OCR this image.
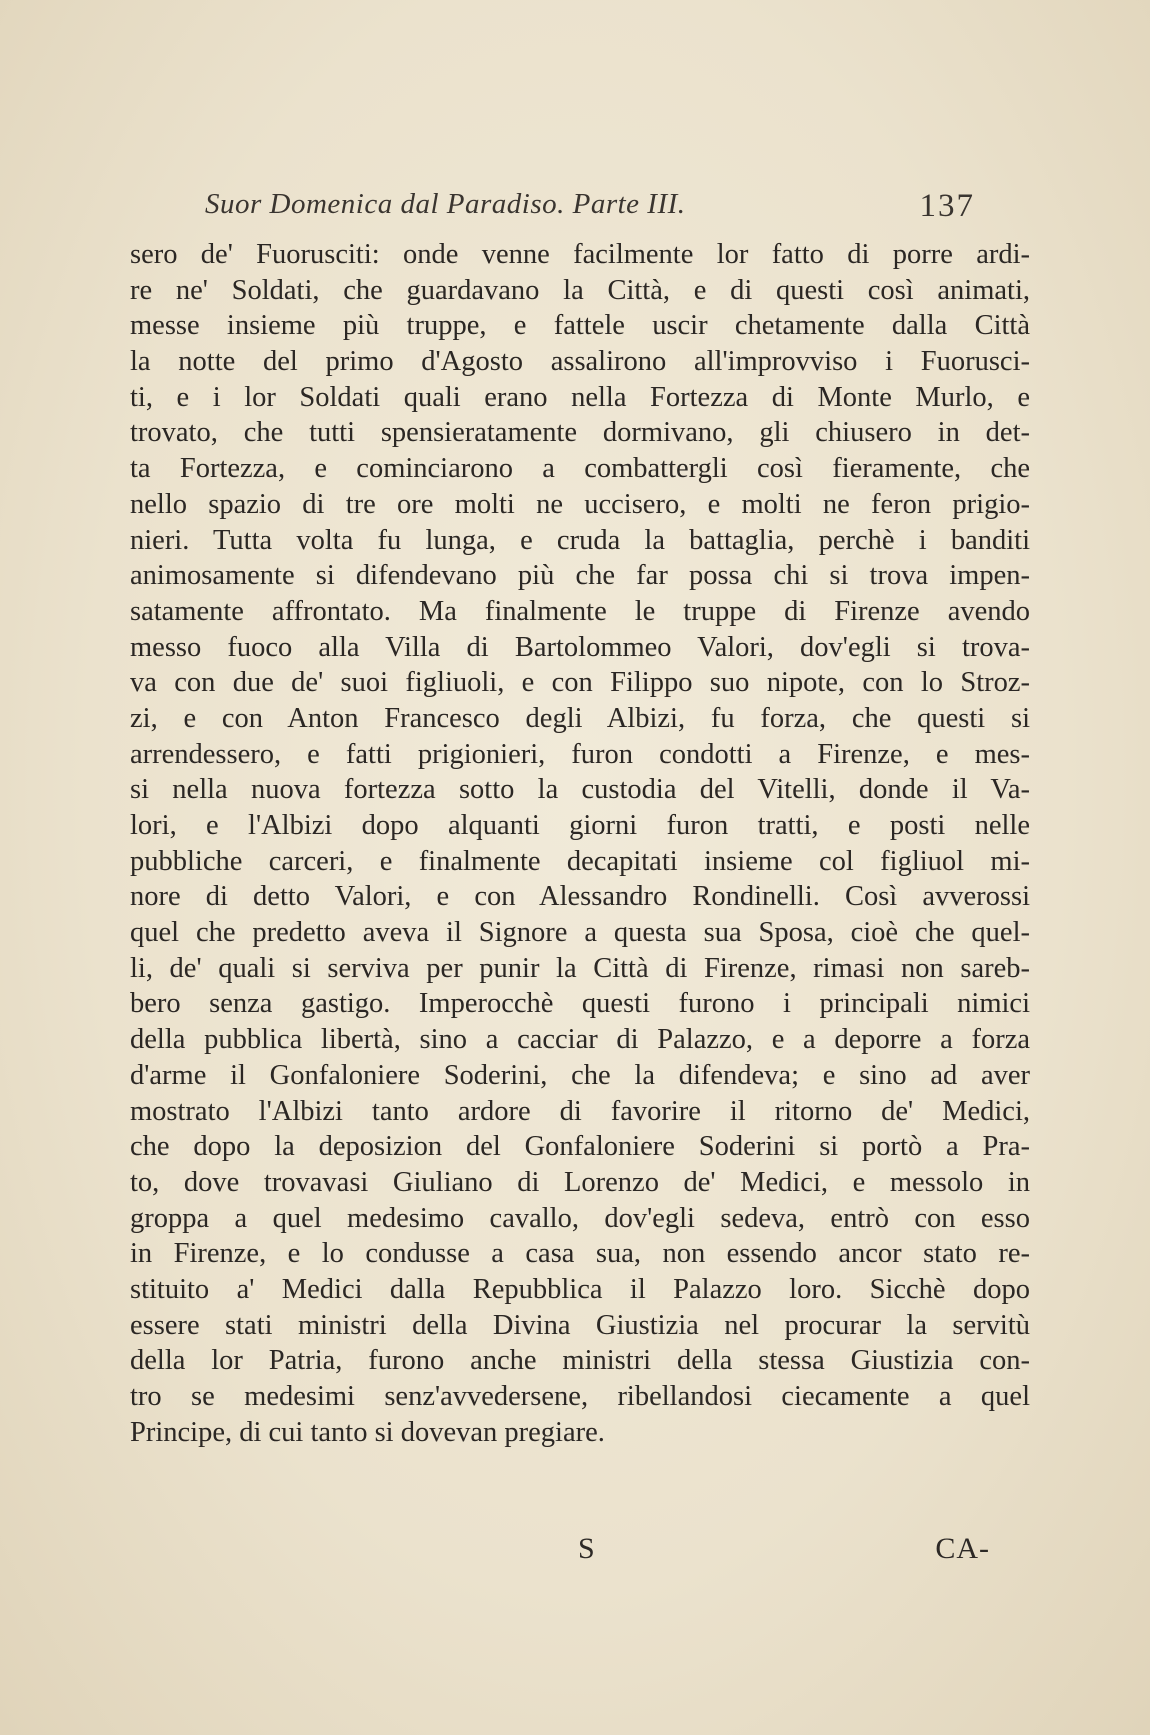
Suor Domenica dal Paradiso. Parte III.	137
sero de' Fuorusciti: onde venne facilmente lor fatto di porre ardi-
re ne' Soldati, che guardavano la Città, e di questi così animati,
messe insieme più truppe, e fattele uscir chetamente dalla Città
la notte del primo d'Agosto assalirono all'improvviso i Fuorusci-
ti, e i lor Soldati quali erano nella Fortezza di Monte Murlo, e
trovato, che tutti spensieratamente dormivano, gli chiusero in det-
ta Fortezza, e cominciarono a combattergli così fieramente, che
nello spazio di tre ore molti ne uccisero, e molti ne feron prigio-
nieri. Tutta volta fu lunga, e cruda la battaglia, perchè i banditi
animosamente si difendevano più che far possa chi si trova impen-
satamente affrontato. Ma finalmente le truppe di Firenze avendo
messo fuoco alla Villa di Bartolommeo Valori, dov'egli si trova-
va con due de' suoi figliuoli, e con Filippo suo nipote, con lo Stroz-
zi, e con Anton Francesco degli Albizi, fu forza, che questi si
arrendessero, e fatti prigionieri, furon condotti a Firenze, e mes-
si nella nuova fortezza sotto la custodia del Vitelli, donde il Va-
lori, e l'Albizi dopo alquanti giorni furon tratti, e posti nelle
pubbliche carceri, e finalmente decapitati insieme col figliuol mi-
nore di detto Valori, e con Alessandro Rondinelli. Così avverossi
quel che predetto aveva il Signore a questa sua Sposa, cioè che quel-
li, de' quali si serviva per punir la Città di Firenze, rimasi non sareb-
bero senza gastigo. Imperocchè questi furono i principali nimici
della pubblica libertà, sino a cacciar di Palazzo, e a deporre a forza
d'arme il Gonfaloniere Soderini, che la difendeva; e sino ad aver
mostrato l'Albizi tanto ardore di favorire il ritorno de' Medici,
che dopo la deposizion del Gonfaloniere Soderini si portò a Pra-
to, dove trovavasi Giuliano di Lorenzo de' Medici, e messolo in
groppa a quel medesimo cavallo, dov'egli sedeva, entrò con esso
in Firenze, e lo condusse a casa sua, non essendo ancor stato re-
stituito a' Medici dalla Repubblica il Palazzo loro. Sicchè dopo
essere stati ministri della Divina Giustizia nel procurar la servitù
della lor Patria, furono anche ministri della stessa Giustizia con-
tro se medesimi senz'avvedersene, ribellandosi ciecamente a quel
Principe, di cui tanto si dovevan pregiare.
S	CA-
